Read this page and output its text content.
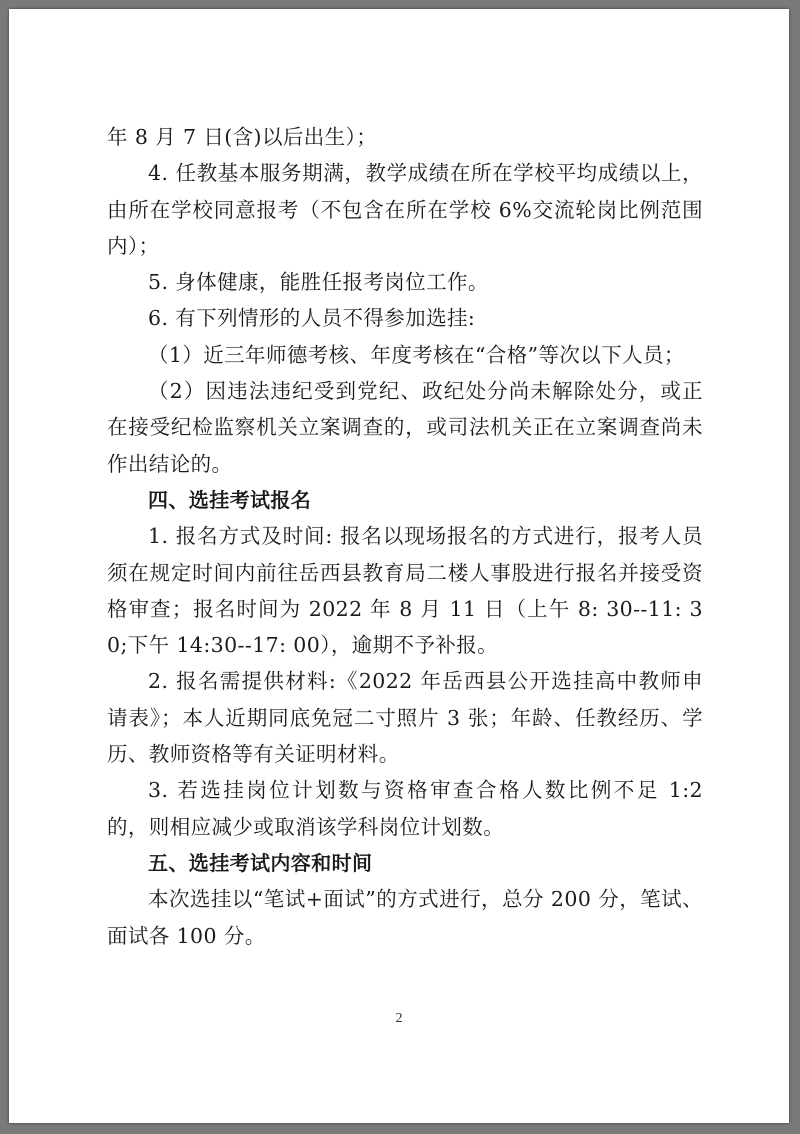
年 8 月 7 日(含)以后出生）；

4. 任教基本服务期满，教学成绩在所在学校平均成绩以上，由所在学校同意报考（不包含在所在学校 6%交流轮岗比例范围内）；

5. 身体健康，能胜任报考岗位工作。

6. 有下列情形的人员不得参加选挂:

（1）近三年师德考核、年度考核在“合格”等次以下人员；

（2）因违法违纪受到党纪、政纪处分尚未解除处分，或正在接受纪检监察机关立案调查的，或司法机关正在立案调查尚未作出结论的。

四、选挂考试报名

1. 报名方式及时间: 报名以现场报名的方式进行，报考人员须在规定时间内前往岳西县教育局二楼人事股进行报名并接受资格审查；报名时间为 2022 年 8 月 11 日（上午 8: 30--11: 30;下午 14:30--17: 00），逾期不予补报。

2. 报名需提供材料:《2022 年岳西县公开选挂高中教师申请表》；本人近期同底免冠二寸照片 3 张；年龄、任教经历、学历、教师资格等有关证明材料。

3. 若选挂岗位计划数与资格审查合格人数比例不足 1:2 的，则相应减少或取消该学科岗位计划数。

五、选挂考试内容和时间

本次选挂以“笔试+面试”的方式进行，总分 200 分，笔试、面试各 100 分。

2
